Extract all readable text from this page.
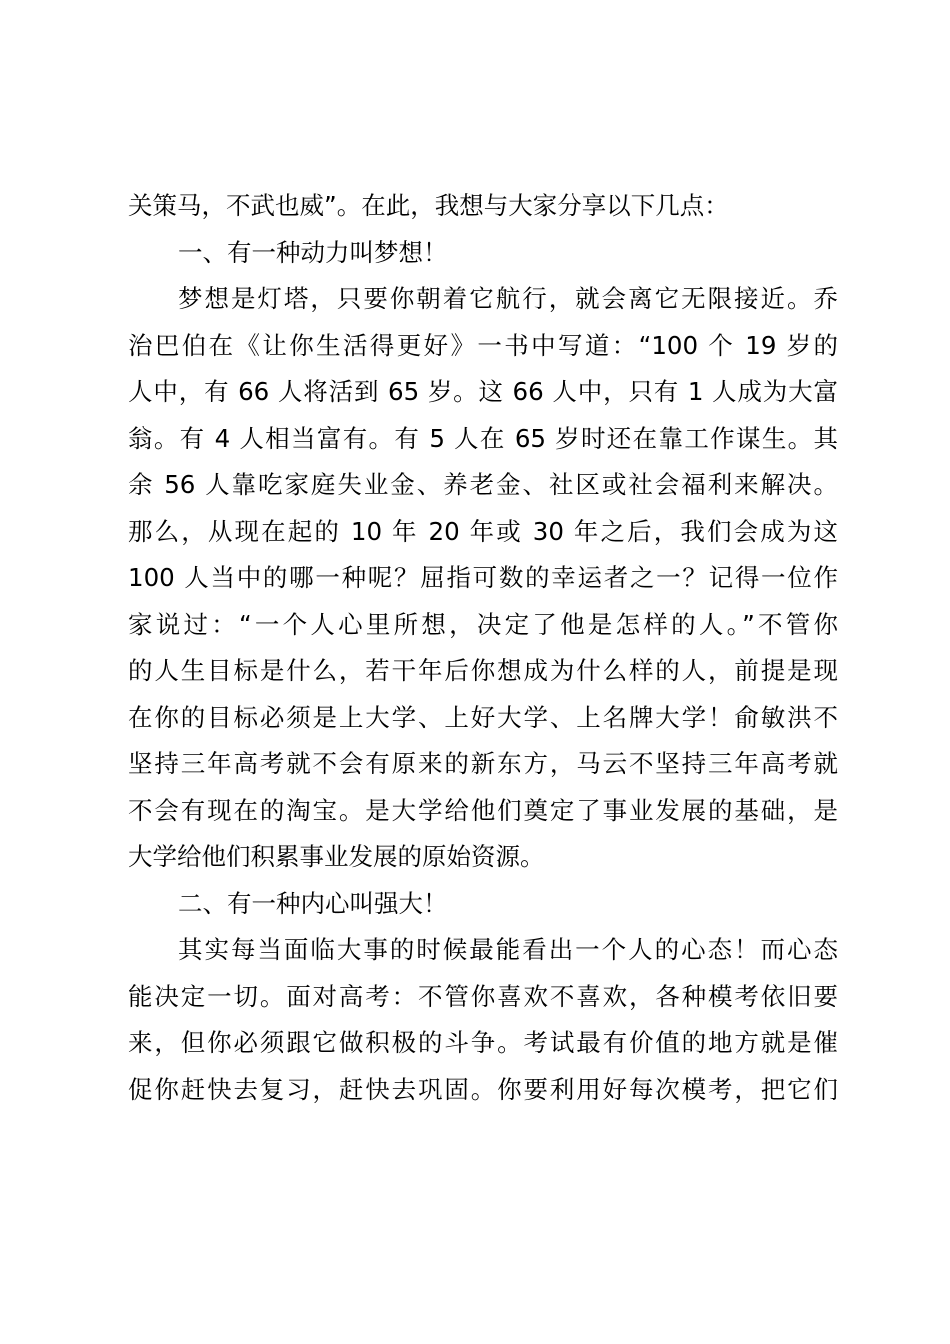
关策马，不武也威”。在此，我想与大家分享以下几点：
一、有一种动力叫梦想！
梦想是灯塔，只要你朝着它航行，就会离它无限接近。乔
治巴伯在《让你生活得更好》一书中写道：“100 个 19 岁的
人中，有 66 人将活到 65 岁。这 66 人中，只有 1 人成为大富
翁。有 4 人相当富有。有 5 人在 65 岁时还在靠工作谋生。其
余 56 人靠吃家庭失业金、养老金、社区或社会福利来解决。
那么，从现在起的 10 年 20 年或 30 年之后，我们会成为这
100 人当中的哪一种呢？屈指可数的幸运者之一？记得一位作
家说过：“一个人心里所想，决定了他是怎样的人。”不管你
的人生目标是什么，若干年后你想成为什么样的人，前提是现
在你的目标必须是上大学、上好大学、上名牌大学！俞敏洪不
坚持三年高考就不会有原来的新东方，马云不坚持三年高考就
不会有现在的淘宝。是大学给他们奠定了事业发展的基础，是
大学给他们积累事业发展的原始资源。
二、有一种内心叫强大！
其实每当面临大事的时候最能看出一个人的心态！而心态
能决定一切。面对高考：不管你喜欢不喜欢，各种模考依旧要
来，但你必须跟它做积极的斗争。考试最有价值的地方就是催
促你赶快去复习，赶快去巩固。你要利用好每次模考，把它们
